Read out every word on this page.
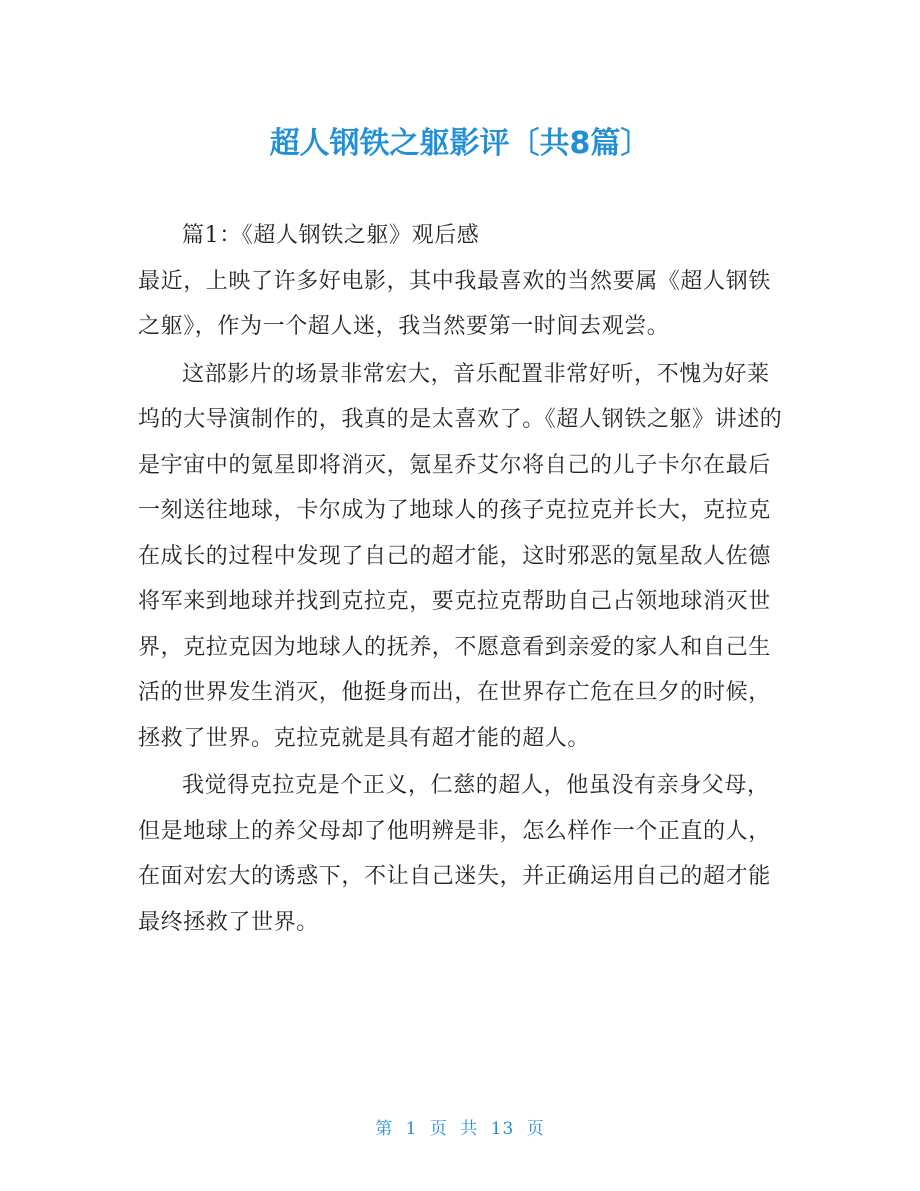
超人钢铁之躯影评〔共8篇〕
篇1：《超人钢铁之躯》观后感

最近，上映了许多好电影，其中我最喜欢的当然要属《超人钢铁之躯》，作为一个超人迷，我当然要第一时间去观尝。

这部影片的场景非常宏大，音乐配置非常好听，不愧为好莱坞的大导演制作的，我真的是太喜欢了。《超人钢铁之躯》讲述的是宇宙中的氪星即将消灭，氪星乔艾尔将自己的儿子卡尔在最后一刻送往地球，卡尔成为了地球人的孩子克拉克并长大，克拉克在成长的过程中发现了自己的超才能，这时邪恶的氪星敌人佐德将军来到地球并找到克拉克，要克拉克帮助自己占领地球消灭世界，克拉克因为地球人的抚养，不愿意看到亲爱的家人和自己生活的世界发生消灭，他挺身而出，在世界存亡危在旦夕的时候，拯救了世界。克拉克就是具有超才能的超人。

我觉得克拉克是个正义，仁慈的超人，他虽没有亲身父母，但是地球上的养父母却了他明辨是非，怎么样作一个正直的人，在面对宏大的诱惑下，不让自己迷失，并正确运用自己的超才能最终拯救了世界。

第 1 页 共 13 页
